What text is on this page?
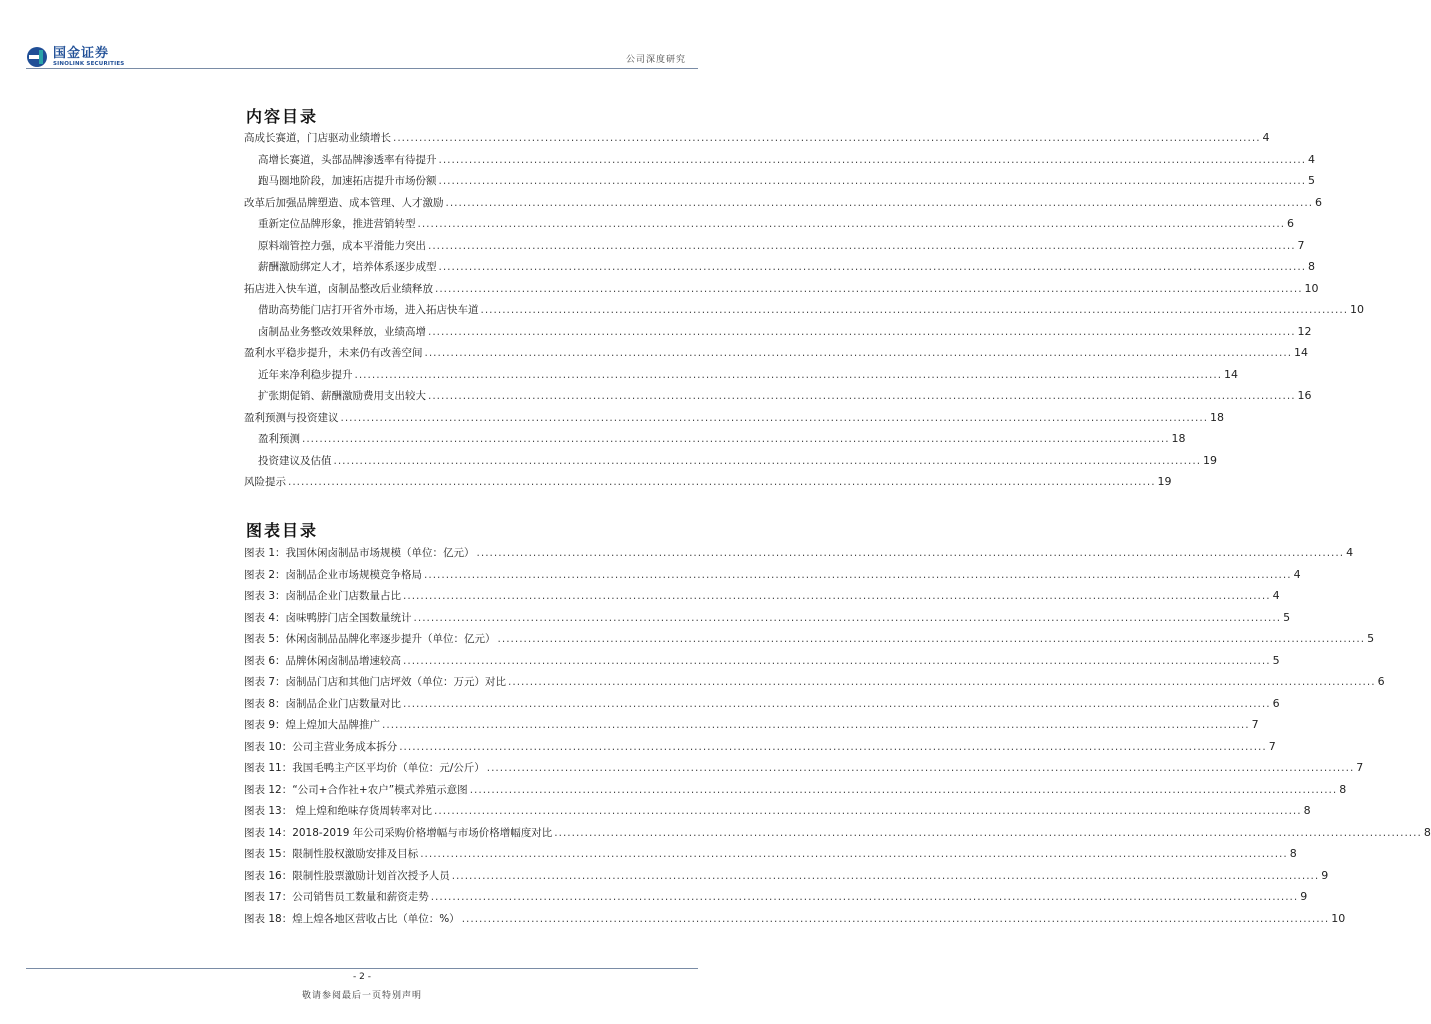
国金证券
SINOLINK SECURITIES	公司深度研究
内容目录
高成长赛道，门店驱动业绩增长 .....	4
高增长赛道，头部品牌渗透率有待提升 .....	4
跑马圈地阶段，加速拓店提升市场份额 .....	5
改革后加强品牌塑造、成本管理、人才激励 .....	6
重新定位品牌形象，推进营销转型 .....	6
原料端管控力强，成本平滑能力突出 .....	7
薪酬激励绑定人才，培养体系逐步成型 .....	8
拓店进入快车道，卤制品整改后业绩释放 .....	10
借助高势能门店打开省外市场，进入拓店快车道 .....	10
卤制品业务整改效果释放，业绩高增 .....	12
盈利水平稳步提升，未来仍有改善空间 .....	14
近年来净利稳步提升 .....	14
扩张期促销、薪酬激励费用支出较大 .....	16
盈利预测与投资建议 .....	18
盈利预测 .....	18
投资建议及估值 .....	19
风险提示 .....	19
图表目录
图表 1：我国休闲卤制品市场规模（单位：亿元） .....	4
图表 2：卤制品企业市场规模竞争格局 .....	4
图表 3：卤制品企业门店数量占比 .....	4
图表 4：卤味鸭脖门店全国数量统计 .....	5
图表 5：休闲卤制品品牌化率逐步提升（单位：亿元） .....	5
图表 6：品牌休闲卤制品增速较高 .....	5
图表 7：卤制品门店和其他门店坪效（单位：万元）对比 .....	6
图表 8：卤制品企业门店数量对比 .....	6
图表 9：煌上煌加大品牌推广 .....	7
图表 10：公司主营业务成本拆分 .....	7
图表 11：我国毛鸭主产区平均价（单位：元/公斤） .....	7
图表 12：“公司+合作社+农户”模式养殖示意图 .....	8
图表 13： 煌上煌和绝味存货周转率对比 .....	8
图表 14：2018-2019 年公司采购价格增幅与市场价格增幅度对比 .....	8
图表 15：限制性股权激励安排及目标 .....	8
图表 16：限制性股票激励计划首次授予人员 .....	9
图表 17：公司销售员工数量和薪资走势 .....	9
图表 18：煌上煌各地区营收占比（单位：%） .....	10
- 2 -
敬请参阅最后一页特别声明
